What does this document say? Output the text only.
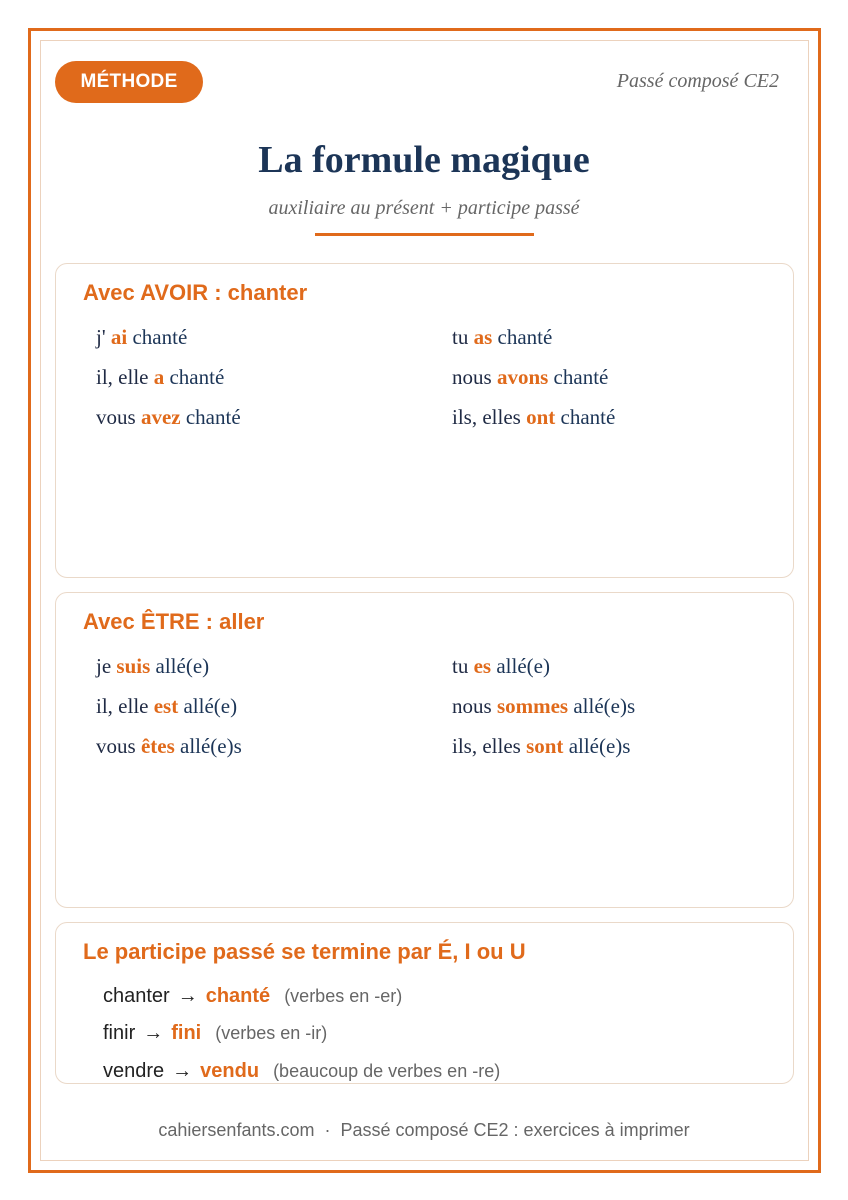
MÉTHODE	Passé composé CE2
La formule magique
auxiliaire au présent + participe passé
Avec AVOIR : chanter
j' ai chanté	tu as chanté
il, elle a chanté	nous avons chanté
vous avez chanté	ils, elles ont chanté
Avec ÊTRE : aller
je suis allé(e)	tu es allé(e)
il, elle est allé(e)	nous sommes allé(e)s
vous êtes allé(e)s	ils, elles sont allé(e)s
Le participe passé se termine par É, I ou U
chanter → chanté (verbes en -er)
finir → fini (verbes en -ir)
vendre → vendu (beaucoup de verbes en -re)
cahiersenfants.com · Passé composé CE2 : exercices à imprimer
